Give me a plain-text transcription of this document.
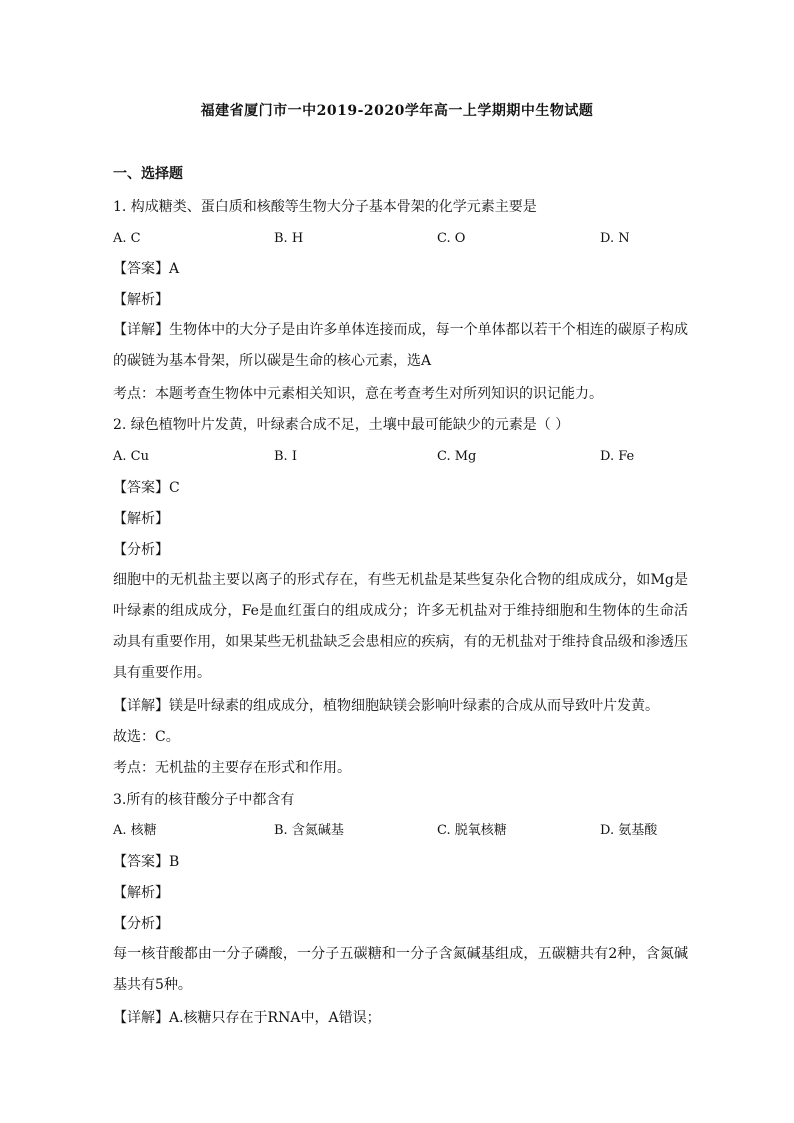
福建省厦门市一中2019-2020学年高一上学期期中生物试题
一、选择题
1. 构成糖类、蛋白质和核酸等生物大分子基本骨架的化学元素主要是
A. C	B. H	C. O	D. N
【答案】A
【解析】
【详解】生物体中的大分子是由许多单体连接而成，每一个单体都以若干个相连的碳原子构成的碳链为基本骨架，所以碳是生命的核心元素，选A
考点：本题考查生物体中元素相关知识，意在考查考生对所列知识的识记能力。
2. 绿色植物叶片发黄，叶绿素合成不足，土壤中最可能缺少的元素是（ ）
A. Cu	B. I	C. Mg	D. Fe
【答案】C
【解析】
【分析】
细胞中的无机盐主要以离子的形式存在，有些无机盐是某些复杂化合物的组成成分，如Mg是叶绿素的组成成分，Fe是血红蛋白的组成成分；许多无机盐对于维持细胞和生物体的生命活动具有重要作用，如果某些无机盐缺乏会患相应的疾病，有的无机盐对于维持食品级和渗透压具有重要作用。
【详解】镁是叶绿素的组成成分，植物细胞缺镁会影响叶绿素的合成从而导致叶片发黄。
故选：C。
考点：无机盐的主要存在形式和作用。
3.所有的核苷酸分子中都含有
A. 核糖	B. 含氮碱基	C. 脱氧核糖	D. 氨基酸
【答案】B
【解析】
【分析】
每一核苷酸都由一分子磷酸，一分子五碳糖和一分子含氮碱基组成，五碳糖共有2种，含氮碱基共有5种。
【详解】A.核糖只存在于RNA中，A错误；
